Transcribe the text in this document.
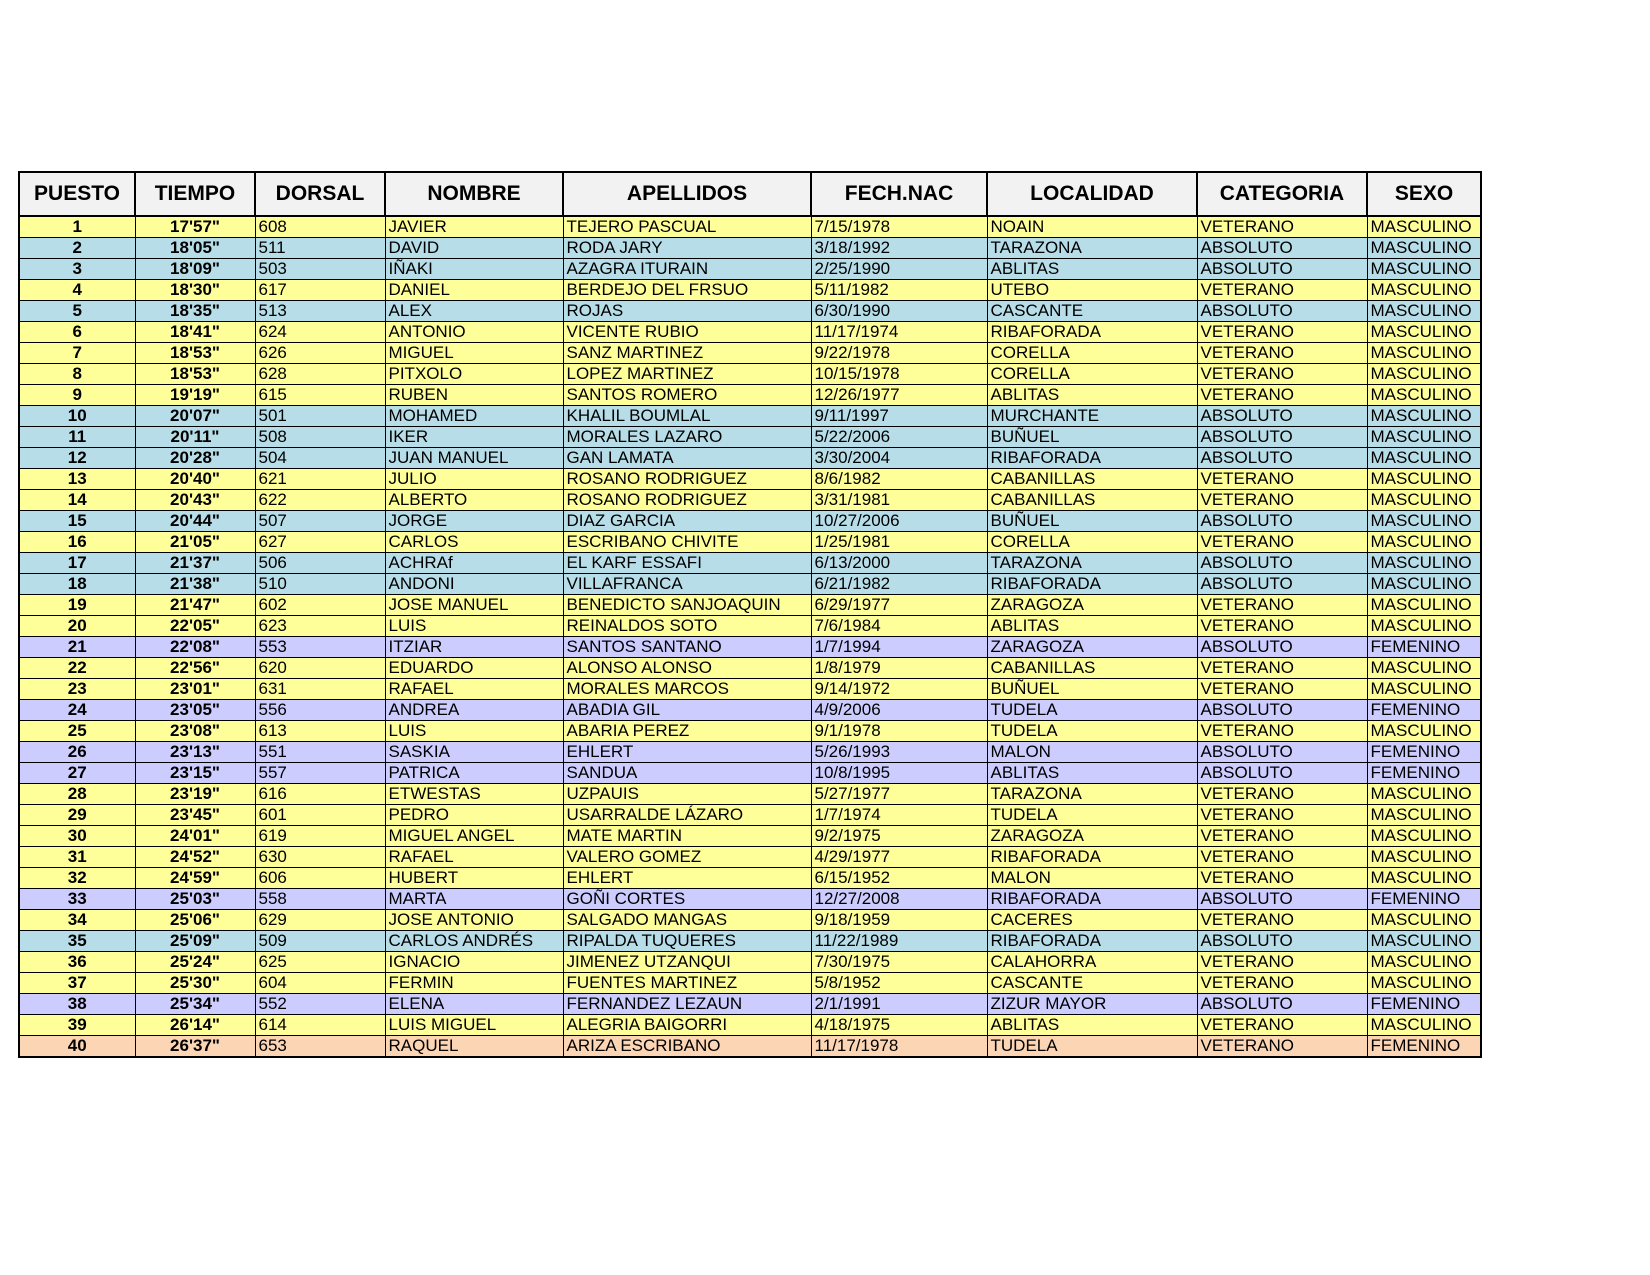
PUESTO	TIEMPO	DORSAL	NOMBRE	APELLIDOS	FECH.NAC	LOCALIDAD	CATEGORIA	SEXO
1	17'57"	608	JAVIER	TEJERO PASCUAL	7/15/1978	NOAIN	VETERANO	MASCULINO
2	18'05"	511	DAVID	RODA JARY	3/18/1992	TARAZONA	ABSOLUTO	MASCULINO
3	18'09"	503	IÑAKI	AZAGRA ITURAIN	2/25/1990	ABLITAS	ABSOLUTO	MASCULINO
4	18'30"	617	DANIEL	BERDEJO DEL FRSUO	5/11/1982	UTEBO	VETERANO	MASCULINO
5	18'35"	513	ALEX	ROJAS	6/30/1990	CASCANTE	ABSOLUTO	MASCULINO
6	18'41"	624	ANTONIO	VICENTE RUBIO	11/17/1974	RIBAFORADA	VETERANO	MASCULINO
7	18'53"	626	MIGUEL	SANZ MARTINEZ	9/22/1978	CORELLA	VETERANO	MASCULINO
8	18'53"	628	PITXOLO	LOPEZ MARTINEZ	10/15/1978	CORELLA	VETERANO	MASCULINO
9	19'19"	615	RUBEN	SANTOS ROMERO	12/26/1977	ABLITAS	VETERANO	MASCULINO
10	20'07"	501	MOHAMED	KHALIL BOUMLAL	9/11/1997	MURCHANTE	ABSOLUTO	MASCULINO
11	20'11"	508	IKER	MORALES LAZARO	5/22/2006	BUÑUEL	ABSOLUTO	MASCULINO
12	20'28"	504	JUAN MANUEL	GAN LAMATA	3/30/2004	RIBAFORADA	ABSOLUTO	MASCULINO
13	20'40"	621	JULIO	ROSANO RODRIGUEZ	8/6/1982	CABANILLAS	VETERANO	MASCULINO
14	20'43"	622	ALBERTO	ROSANO RODRIGUEZ	3/31/1981	CABANILLAS	VETERANO	MASCULINO
15	20'44"	507	JORGE	DIAZ GARCIA	10/27/2006	BUÑUEL	ABSOLUTO	MASCULINO
16	21'05"	627	CARLOS	ESCRIBANO CHIVITE	1/25/1981	CORELLA	VETERANO	MASCULINO
17	21'37"	506	ACHRAf	EL KARF ESSAFI	6/13/2000	TARAZONA	ABSOLUTO	MASCULINO
18	21'38"	510	ANDONI	VILLAFRANCA	6/21/1982	RIBAFORADA	ABSOLUTO	MASCULINO
19	21'47"	602	JOSE MANUEL	BENEDICTO SANJOAQUIN	6/29/1977	ZARAGOZA	VETERANO	MASCULINO
20	22'05"	623	LUIS	REINALDOS SOTO	7/6/1984	ABLITAS	VETERANO	MASCULINO
21	22'08"	553	ITZIAR	SANTOS SANTANO	1/7/1994	ZARAGOZA	ABSOLUTO	FEMENINO
22	22'56"	620	EDUARDO	ALONSO ALONSO	1/8/1979	CABANILLAS	VETERANO	MASCULINO
23	23'01"	631	RAFAEL	MORALES MARCOS	9/14/1972	BUÑUEL	VETERANO	MASCULINO
24	23'05"	556	ANDREA	ABADIA GIL	4/9/2006	TUDELA	ABSOLUTO	FEMENINO
25	23'08"	613	LUIS	ABARIA PEREZ	9/1/1978	TUDELA	VETERANO	MASCULINO
26	23'13"	551	SASKIA	EHLERT	5/26/1993	MALON	ABSOLUTO	FEMENINO
27	23'15"	557	PATRICA	SANDUA	10/8/1995	ABLITAS	ABSOLUTO	FEMENINO
28	23'19"	616	ETWESTAS	UZPAUIS	5/27/1977	TARAZONA	VETERANO	MASCULINO
29	23'45"	601	PEDRO	USARRALDE LÁZARO	1/7/1974	TUDELA	VETERANO	MASCULINO
30	24'01"	619	MIGUEL ANGEL	MATE MARTIN	9/2/1975	ZARAGOZA	VETERANO	MASCULINO
31	24'52"	630	RAFAEL	VALERO GOMEZ	4/29/1977	RIBAFORADA	VETERANO	MASCULINO
32	24'59"	606	HUBERT	EHLERT	6/15/1952	MALON	VETERANO	MASCULINO
33	25'03"	558	MARTA	GOÑI CORTES	12/27/2008	RIBAFORADA	ABSOLUTO	FEMENINO
34	25'06"	629	JOSE ANTONIO	SALGADO MANGAS	9/18/1959	CACERES	VETERANO	MASCULINO
35	25'09"	509	CARLOS ANDRÉS	RIPALDA TUQUERES	11/22/1989	RIBAFORADA	ABSOLUTO	MASCULINO
36	25'24"	625	IGNACIO	JIMENEZ UTZANQUI	7/30/1975	CALAHORRA	VETERANO	MASCULINO
37	25'30"	604	FERMIN	FUENTES MARTINEZ	5/8/1952	CASCANTE	VETERANO	MASCULINO
38	25'34"	552	ELENA	FERNANDEZ LEZAUN	2/1/1991	ZIZUR MAYOR	ABSOLUTO	FEMENINO
39	26'14"	614	LUIS MIGUEL	ALEGRIA BAIGORRI	4/18/1975	ABLITAS	VETERANO	MASCULINO
40	26'37"	653	RAQUEL	ARIZA ESCRIBANO	11/17/1978	TUDELA	VETERANO	FEMENINO
